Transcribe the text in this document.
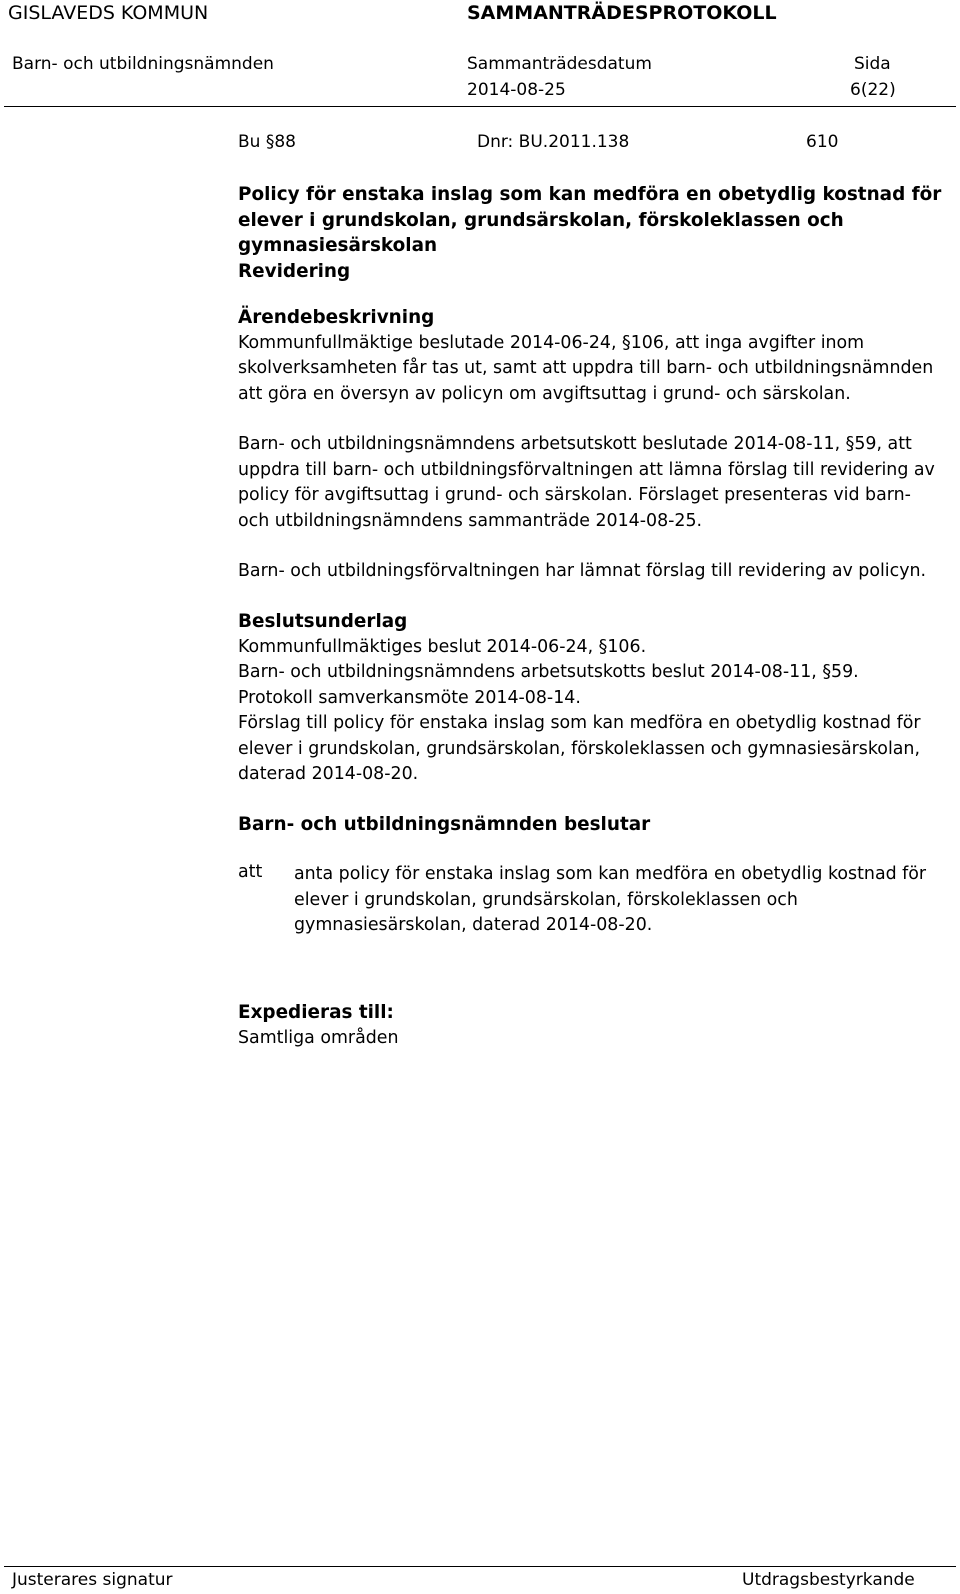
GISLAVEDS KOMMUN	SAMMANTRÄDESPROTOKOLL
Barn- och utbildningsnämnden	Sammanträdesdatum
2014-08-25
Sida
6(22)
Bu §88	Dnr: BU.2011.138	610
Policy för enstaka inslag som kan medföra en obetydlig kostnad för
elever i grundskolan, grundsärskolan, förskoleklassen och
gymnasiesärskolan
Revidering
Ärendebeskrivning
Kommunfullmäktige beslutade 2014-06-24, §106, att inga avgifter inom
skolverksamheten får tas ut, samt att uppdra till barn- och utbildningsnämnden
att göra en översyn av policyn om avgiftsuttag i grund- och särskolan.
Barn- och utbildningsnämndens arbetsutskott beslutade 2014-08-11, §59, att
uppdra till barn- och utbildningsförvaltningen att lämna förslag till revidering av
policy för avgiftsuttag i grund- och särskolan. Förslaget presenteras vid barn-
och utbildningsnämndens sammanträde 2014-08-25.
Barn- och utbildningsförvaltningen har lämnat förslag till revidering av policyn.
Beslutsunderlag
Kommunfullmäktiges beslut 2014-06-24, §106.
Barn- och utbildningsnämndens arbetsutskotts beslut 2014-08-11, §59.
Protokoll samverkansmöte 2014-08-14.
Förslag till policy för enstaka inslag som kan medföra en obetydlig kostnad för
elever i grundskolan, grundsärskolan, förskoleklassen och gymnasiesärskolan,
daterad 2014-08-20.
Barn- och utbildningsnämnden beslutar
att anta policy för enstaka inslag som kan medföra en obetydlig kostnad för
elever i grundskolan, grundsärskolan, förskoleklassen och
gymnasiesärskolan, daterad 2014-08-20.
Expedieras till:
Samtliga områden
Justerares signatur	Utdragsbestyrkande
